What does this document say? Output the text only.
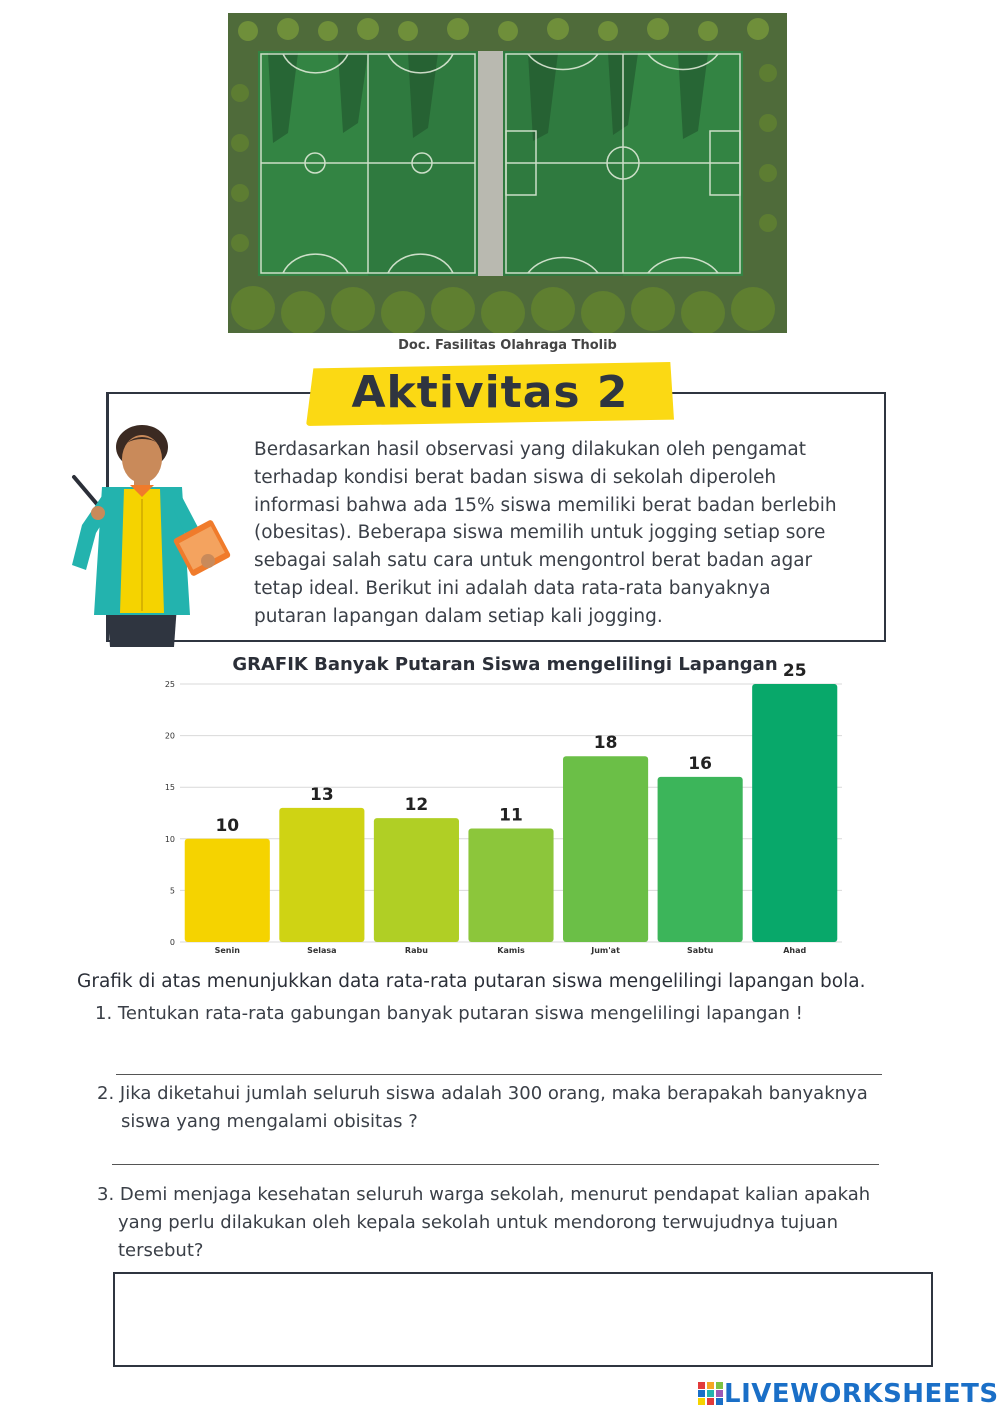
Doc. Fasilitas Olahraga Tholib
Aktivitas 2
Berdasarkan hasil observasi yang dilakukan oleh pengamat
terhadap kondisi berat badan siswa di sekolah diperoleh
informasi bahwa ada 15% siswa memiliki berat badan berlebih
(obesitas). Beberapa siswa memilih untuk jogging setiap sore
sebagai salah satu cara untuk mengontrol berat badan agar
tetap ideal. Berikut ini adalah data rata-rata banyaknya
putaran lapangan dalam setiap kali jogging.
GRAFIK Banyak Putaran Siswa mengelilingi Lapangan
0
5
10
15
20
25
10
Senin
13
Selasa
12
Rabu
11
Kamis
18
Jum'at
16
Sabtu
25
Ahad
Grafik di atas menunjukkan data rata-rata putaran siswa mengelilingi lapangan bola.
1. Tentukan rata-rata gabungan banyak putaran siswa mengelilingi lapangan !
2. Jika diketahui jumlah seluruh siswa adalah 300 orang, maka berapakah banyaknya
siswa yang mengalami obisitas ?
3. Demi menjaga kesehatan seluruh warga sekolah, menurut pendapat kalian apakah
yang perlu dilakukan oleh kepala sekolah untuk mendorong terwujudnya tujuan
tersebut?
LIVEWORKSHEETS
